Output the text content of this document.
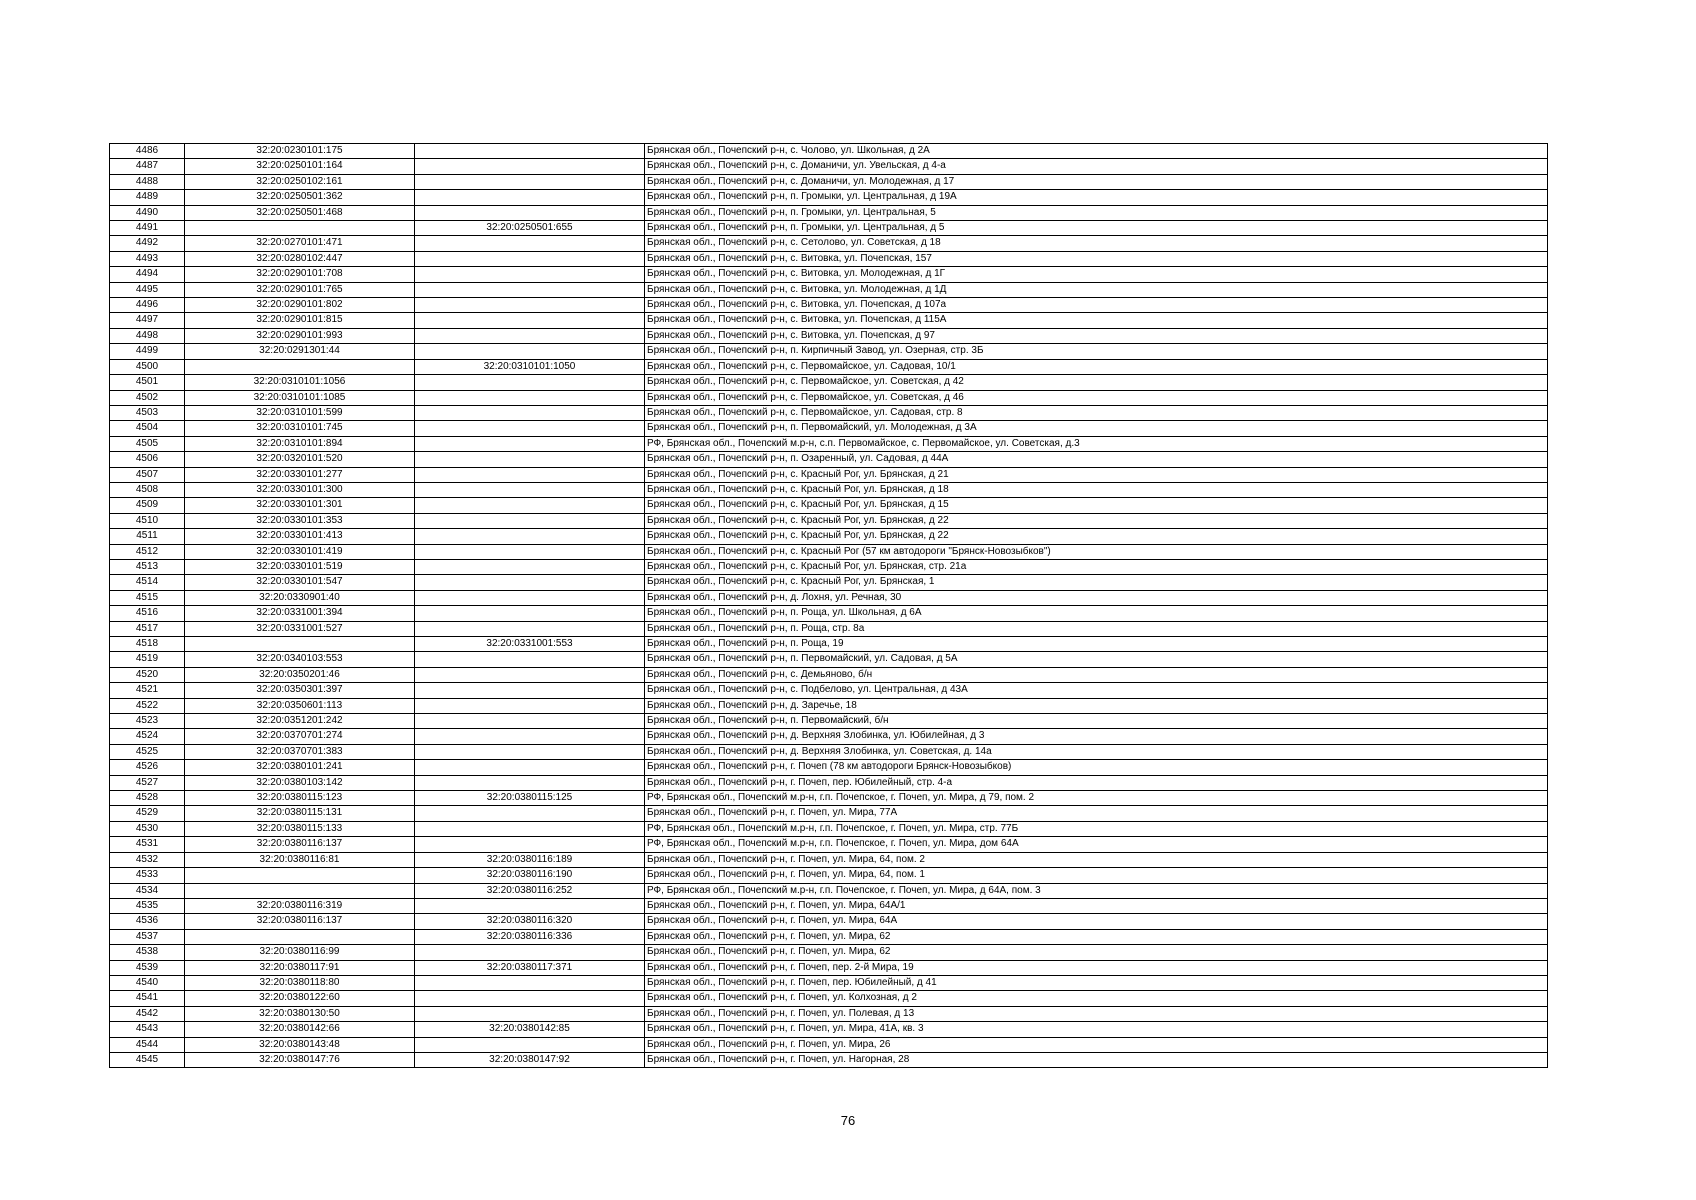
4486	32:20:0230101:175		Брянская обл., Почепский р-н, с. Чолово, ул. Школьная, д 2А
4487	32:20:0250101:164		Брянская обл., Почепский р-н, с. Доманичи, ул. Увельская, д 4-а
4488	32:20:0250102:161		Брянская обл., Почепский р-н, с. Доманичи, ул. Молодежная, д 17
4489	32:20:0250501:362		Брянская обл., Почепский р-н, п. Громыки, ул. Центральная, д 19А
4490	32:20:0250501:468		Брянская обл., Почепский р-н, п. Громыки, ул. Центральная, 5
4491		32:20:0250501:655	Брянская обл., Почепский р-н, п. Громыки, ул. Центральная, д 5
4492	32:20:0270101:471		Брянская обл., Почепский р-н, с. Сетолово, ул. Советская, д 18
4493	32:20:0280102:447		Брянская обл., Почепский р-н, с. Витовка, ул. Почепская, 157
4494	32:20:0290101:708		Брянская обл., Почепский р-н, с. Витовка, ул. Молодежная, д 1Г
4495	32:20:0290101:765		Брянская обл., Почепский р-н, с. Витовка, ул. Молодежная, д 1Д
4496	32:20:0290101:802		Брянская обл., Почепский р-н, с. Витовка, ул. Почепская, д 107а
4497	32:20:0290101:815		Брянская обл., Почепский р-н, с. Витовка, ул. Почепская, д 115А
4498	32:20:0290101:993		Брянская обл., Почепский р-н, с. Витовка, ул. Почепская, д 97
4499	32:20:0291301:44		Брянская обл., Почепский р-н, п. Кирпичный Завод, ул. Озерная, стр. 3Б
4500		32:20:0310101:1050	Брянская обл., Почепский р-н, с. Первомайское, ул. Садовая, 10/1
4501	32:20:0310101:1056		Брянская обл., Почепский р-н, с. Первомайское, ул. Советская, д 42
4502	32:20:0310101:1085		Брянская обл., Почепский р-н, с. Первомайское, ул. Советская, д 46
4503	32:20:0310101:599		Брянская обл., Почепский р-н, с. Первомайское, ул. Садовая, стр. 8
4504	32:20:0310101:745		Брянская обл., Почепский р-н, п. Первомайский, ул. Молодежная, д 3А
4505	32:20:0310101:894		РФ, Брянская обл., Почепский м.р-н, с.п. Первомайское, с. Первомайское, ул. Советская, д.3
4506	32:20:0320101:520		Брянская обл., Почепский р-н, п. Озаренный, ул. Садовая, д 44А
4507	32:20:0330101:277		Брянская обл., Почепский р-н, с. Красный Рог, ул. Брянская, д 21
4508	32:20:0330101:300		Брянская обл., Почепский р-н, с. Красный Рог, ул. Брянская, д 18
4509	32:20:0330101:301		Брянская обл., Почепский р-н, с. Красный Рог, ул. Брянская, д 15
4510	32:20:0330101:353		Брянская обл., Почепский р-н, с. Красный Рог, ул. Брянская, д 22
4511	32:20:0330101:413		Брянская обл., Почепский р-н, с. Красный Рог, ул. Брянская, д 22
4512	32:20:0330101:419		Брянская обл., Почепский р-н, с. Красный Рог (57 км автодороги "Брянск-Новозыбков")
4513	32:20:0330101:519		Брянская обл., Почепский р-н, с. Красный Рог, ул. Брянская, стр. 21а
4514	32:20:0330101:547		Брянская обл., Почепский р-н, с. Красный Рог, ул. Брянская, 1
4515	32:20:0330901:40		Брянская обл., Почепский р-н, д. Лохня, ул. Речная, 30
4516	32:20:0331001:394		Брянская обл., Почепский р-н, п. Роща, ул. Школьная, д 6А
4517	32:20:0331001:527		Брянская обл., Почепский р-н, п. Роща, стр. 8а
4518		32:20:0331001:553	Брянская обл., Почепский р-н, п. Роща, 19
4519	32:20:0340103:553		Брянская обл., Почепский р-н, п. Первомайский, ул. Садовая, д 5А
4520	32:20:0350201:46		Брянская обл., Почепский р-н, с. Демьяново, б/н
4521	32:20:0350301:397		Брянская обл., Почепский р-н, с. Подбелово, ул. Центральная, д 43А
4522	32:20:0350601:113		Брянская обл., Почепский р-н, д. Заречье, 18
4523	32:20:0351201:242		Брянская обл., Почепский р-н, п. Первомайский, б/н
4524	32:20:0370701:274		Брянская обл., Почепский р-н, д. Верхняя Злобинка, ул. Юбилейная, д 3
4525	32:20:0370701:383		Брянская обл., Почепский р-н, д. Верхняя Злобинка, ул. Советская, д. 14а
4526	32:20:0380101:241		Брянская обл., Почепский р-н, г. Почеп (78 км автодороги Брянск-Новозыбков)
4527	32:20:0380103:142		Брянская обл., Почепский р-н, г. Почеп, пер. Юбилейный, стр. 4-а
4528	32:20:0380115:123	32:20:0380115:125	РФ, Брянская обл., Почепский м.р-н, г.п. Почепское, г. Почеп, ул. Мира, д 79, пом. 2
4529	32:20:0380115:131		Брянская обл., Почепский р-н, г. Почеп, ул. Мира, 77А
4530	32:20:0380115:133		РФ, Брянская обл., Почепский м.р-н, г.п. Почепское, г. Почеп, ул. Мира, стр. 77Б
4531	32:20:0380116:137		РФ, Брянская обл., Почепский м.р-н, г.п. Почепское, г. Почеп, ул. Мира, дом 64А
4532	32:20:0380116:81	32:20:0380116:189	Брянская обл., Почепский р-н, г. Почеп, ул. Мира, 64, пом. 2
4533		32:20:0380116:190	Брянская обл., Почепский р-н, г. Почеп, ул. Мира, 64, пом. 1
4534		32:20:0380116:252	РФ, Брянская обл., Почепский м.р-н, г.п. Почепское, г. Почеп, ул. Мира, д 64А, пом. 3
4535	32:20:0380116:319		Брянская обл., Почепский р-н, г. Почеп, ул. Мира, 64А/1
4536	32:20:0380116:137	32:20:0380116:320	Брянская обл., Почепский р-н, г. Почеп, ул. Мира, 64А
4537		32:20:0380116:336	Брянская обл., Почепский р-н, г. Почеп, ул. Мира, 62
4538	32:20:0380116:99		Брянская обл., Почепский р-н, г. Почеп, ул. Мира, 62
4539	32:20:0380117:91	32:20:0380117:371	Брянская обл., Почепский р-н, г. Почеп, пер. 2-й Мира, 19
4540	32:20:0380118:80		Брянская обл., Почепский р-н, г. Почеп, пер. Юбилейный, д 41
4541	32:20:0380122:60		Брянская обл., Почепский р-н, г. Почеп, ул. Колхозная, д 2
4542	32:20:0380130:50		Брянская обл., Почепский р-н, г. Почеп, ул. Полевая, д 13
4543	32:20:0380142:66	32:20:0380142:85	Брянская обл., Почепский р-н, г. Почеп, ул. Мира, 41А, кв. 3
4544	32:20:0380143:48		Брянская обл., Почепский р-н, г. Почеп, ул. Мира, 26
4545	32:20:0380147:76	32:20:0380147:92	Брянская обл., Почепский р-н, г. Почеп, ул. Нагорная, 28
76
